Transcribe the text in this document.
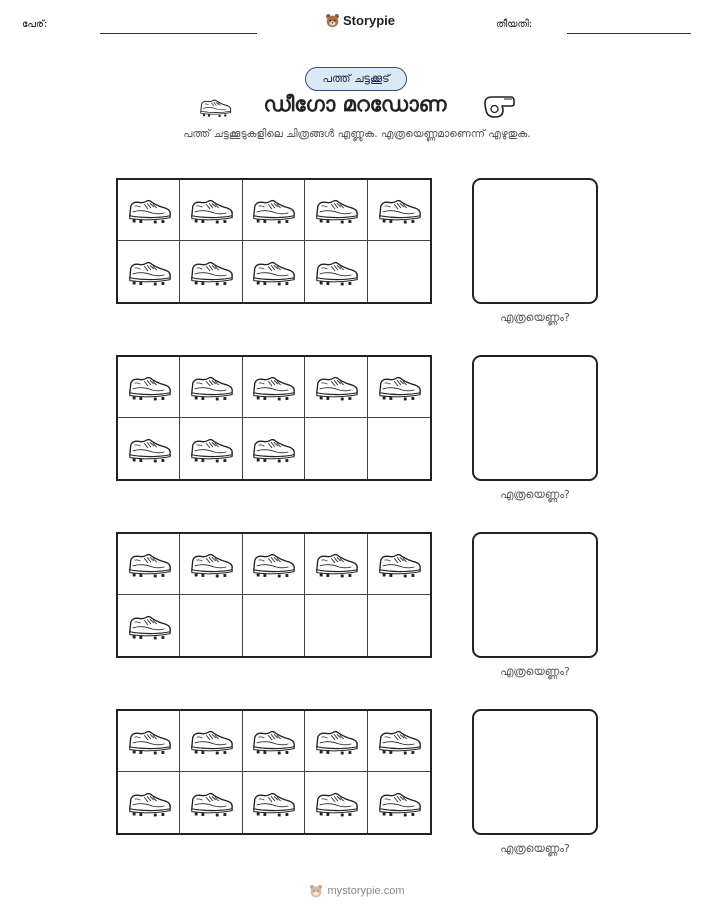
പേര്:	Storypie	തീയതി:
പത്ത് ചട്ടക്കൂട്
ഡീഗോ മറഡോണ
പത്ത് ചട്ടക്കൂടുകളിലെ ചിത്രങ്ങൾ എണ്ണുക. എത്രയെണ്ണമാണെന്ന് എഴുതുക.
എത്രയെണ്ണം?
എത്രയെണ്ണം?
എത്രയെണ്ണം?
എത്രയെണ്ണം?
mystorypie.com
